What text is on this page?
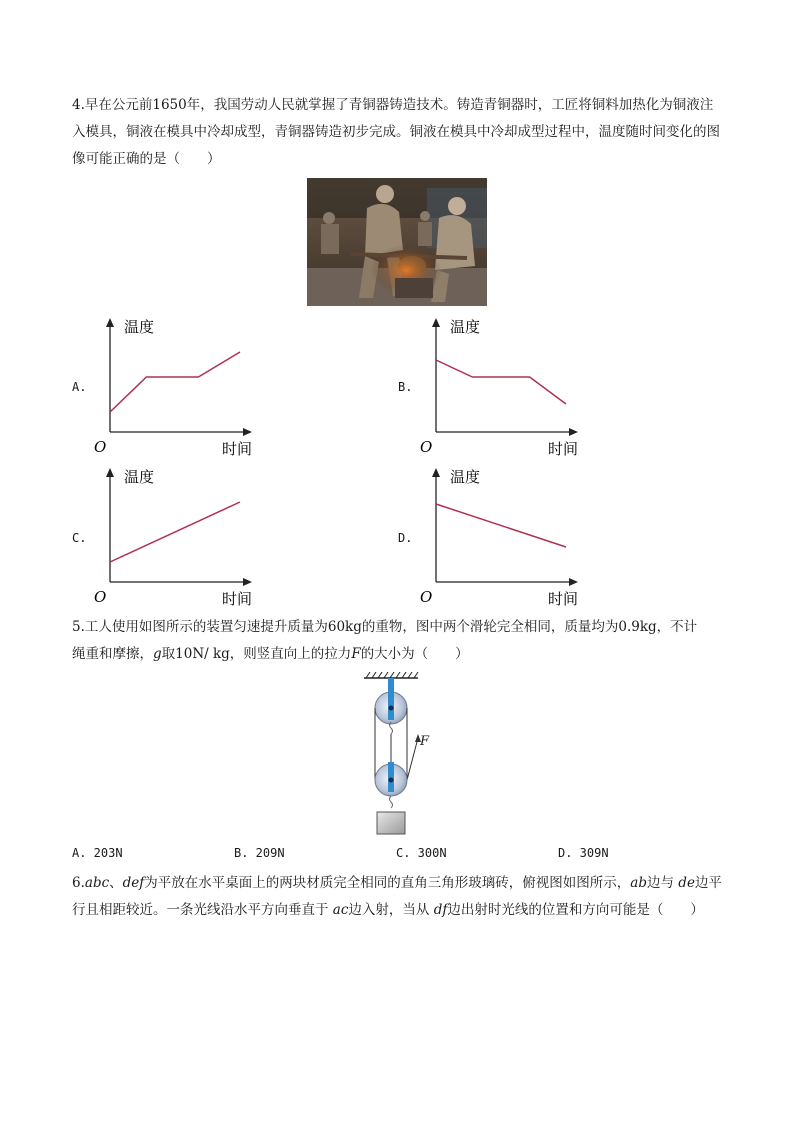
4.早在公元前1650年，我国劳动人民就掌握了青铜器铸造技术。铸造青铜器时，工匠将铜料加热化为铜液注入模具，铜液在模具中冷却成型，青铜器铸造初步完成。铜液在模具中冷却成型过程中，温度随时间变化的图像可能正确的是（　　）
A.	B.
C.	D.
温度
时间
O
温度
时间
O
温度
时间
O
温度
时间
O
5.工人使用如图所示的装置匀速提升质量为60kg的重物，图中两个滑轮完全相同，质量均为0.9kg，不计
绳重和摩擦，g取10N/ kg，则竖直向上的拉力F的大小为（　　）
F
A. 203N	B. 209N	C. 300N	D. 309N
6.abc、def为平放在水平桌面上的两块材质完全相同的直角三角形玻璃砖，俯视图如图所示，ab边与 de边平行且相距较近。一条光线沿水平方向垂直于 ac边入射，当从 df边出射时光线的位置和方向可能是（　　）
